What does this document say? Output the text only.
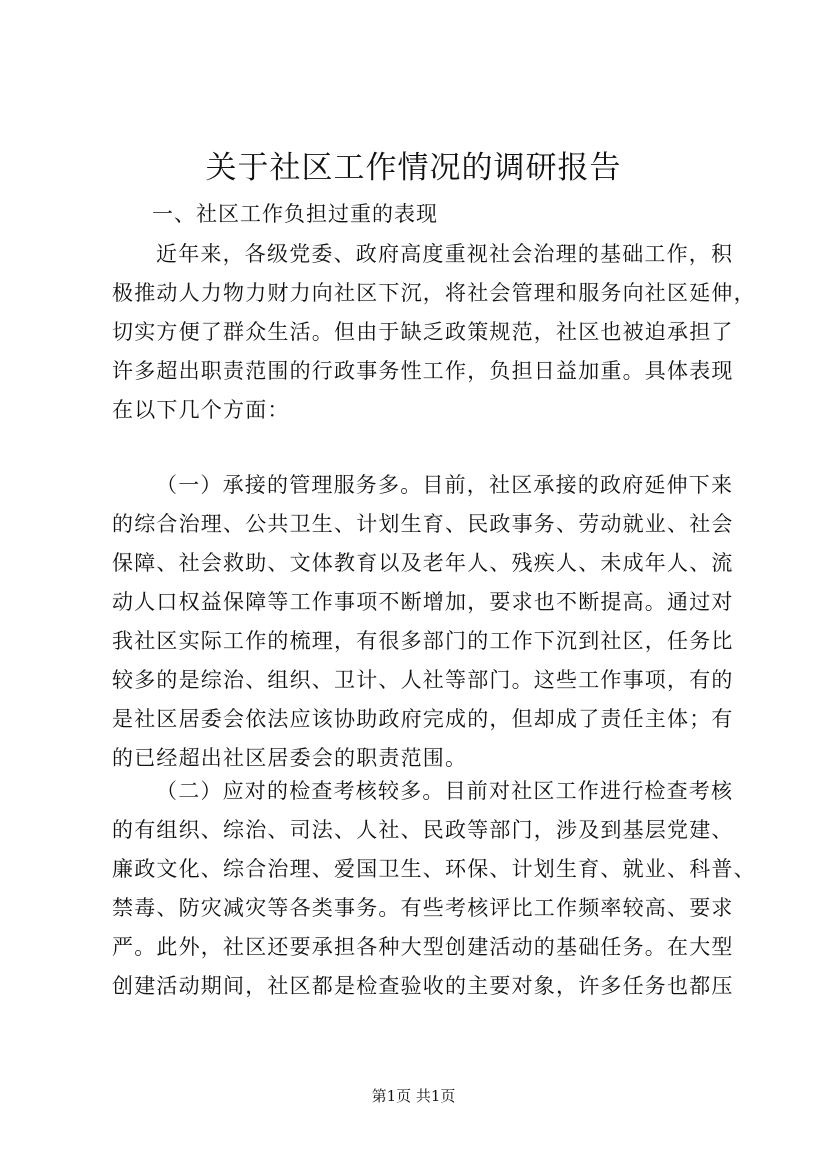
关于社区工作情况的调研报告
一、社区工作负担过重的表现
近年来，各级党委、政府高度重视社会治理的基础工作，积
极推动人力物力财力向社区下沉，将社会管理和服务向社区延伸，
切实方便了群众生活。但由于缺乏政策规范，社区也被迫承担了
许多超出职责范围的行政事务性工作，负担日益加重。具体表现
在以下几个方面：
（一）承接的管理服务多。目前，社区承接的政府延伸下来
的综合治理、公共卫生、计划生育、民政事务、劳动就业、社会
保障、社会救助、文体教育以及老年人、残疾人、未成年人、流
动人口权益保障等工作事项不断增加，要求也不断提高。通过对
我社区实际工作的梳理，有很多部门的工作下沉到社区，任务比
较多的是综治、组织、卫计、人社等部门。这些工作事项，有的
是社区居委会依法应该协助政府完成的，但却成了责任主体；有
的已经超出社区居委会的职责范围。
（二）应对的检查考核较多。目前对社区工作进行检查考核
的有组织、综治、司法、人社、民政等部门，涉及到基层党建、
廉政文化、综合治理、爱国卫生、环保、计划生育、就业、科普、
禁毒、防灾减灾等各类事务。有些考核评比工作频率较高、要求
严。此外，社区还要承担各种大型创建活动的基础任务。在大型
创建活动期间，社区都是检查验收的主要对象，许多任务也都压
第1页 共1页
